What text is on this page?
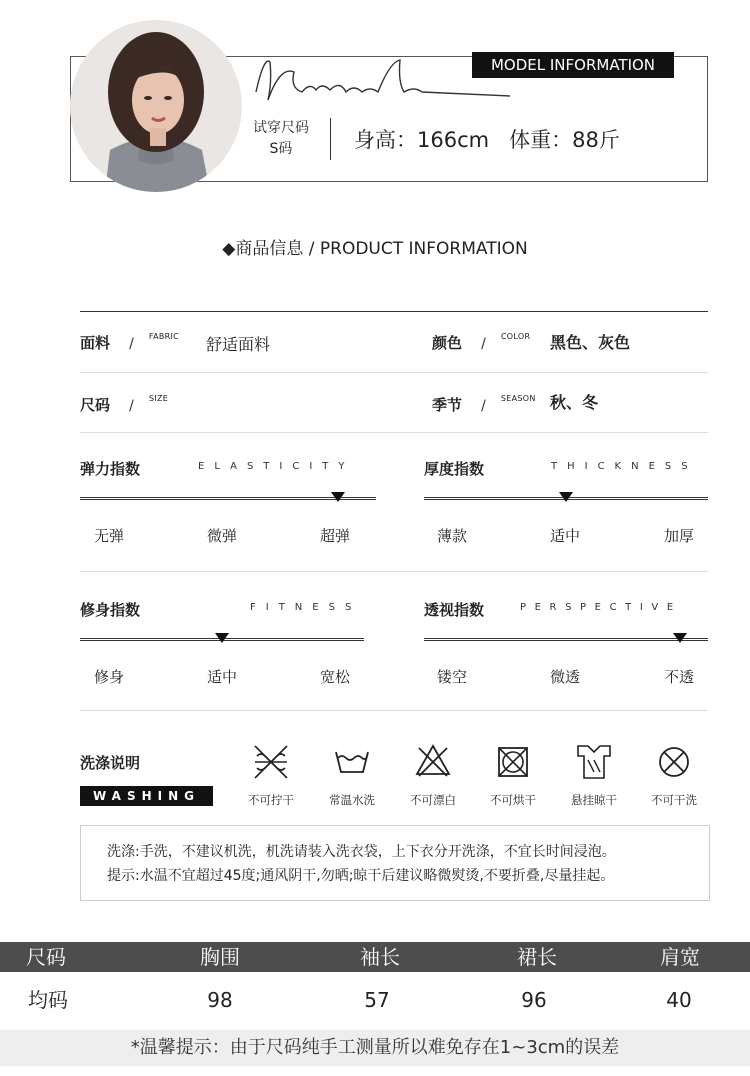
MODEL INFORMATION
试穿尺码
S码	身高：166cm 体重：88斤
◆商品信息 / PRODUCT INFORMATION
面料 / $^{FABRIC}$ 舒适面料	颜色 / $^{COLOR}$ 黑色、灰色
尺码 / $^{SIZE}$	季节 / $^{SEASON}$ 秋、冬
弹力指数	ELASTICITY
无弹	微弹	超弹
厚度指数	THICKNESS
薄款	适中	加厚
修身指数	FITNESS
修身	适中	宽松
透视指数	PERSPECTIVE
镂空	微透	不透
洗涤说明
WASHING	不可拧干	常温水洗	不可漂白	不可烘干	悬挂晾干	不可干洗
洗涤:手洗，不建议机洗，机洗请装入洗衣袋，上下衣分开洗涤，不宜长时间浸泡。
提示:水温不宜超过45度;通风阴干,勿晒;晾干后建议略微熨烫,不要折叠,尽量挂起。
尺码	胸围	袖长	裙长	肩宽
均码	98	57	96	40
*温馨提示：由于尺码纯手工测量所以难免存在1~3cm的误差
